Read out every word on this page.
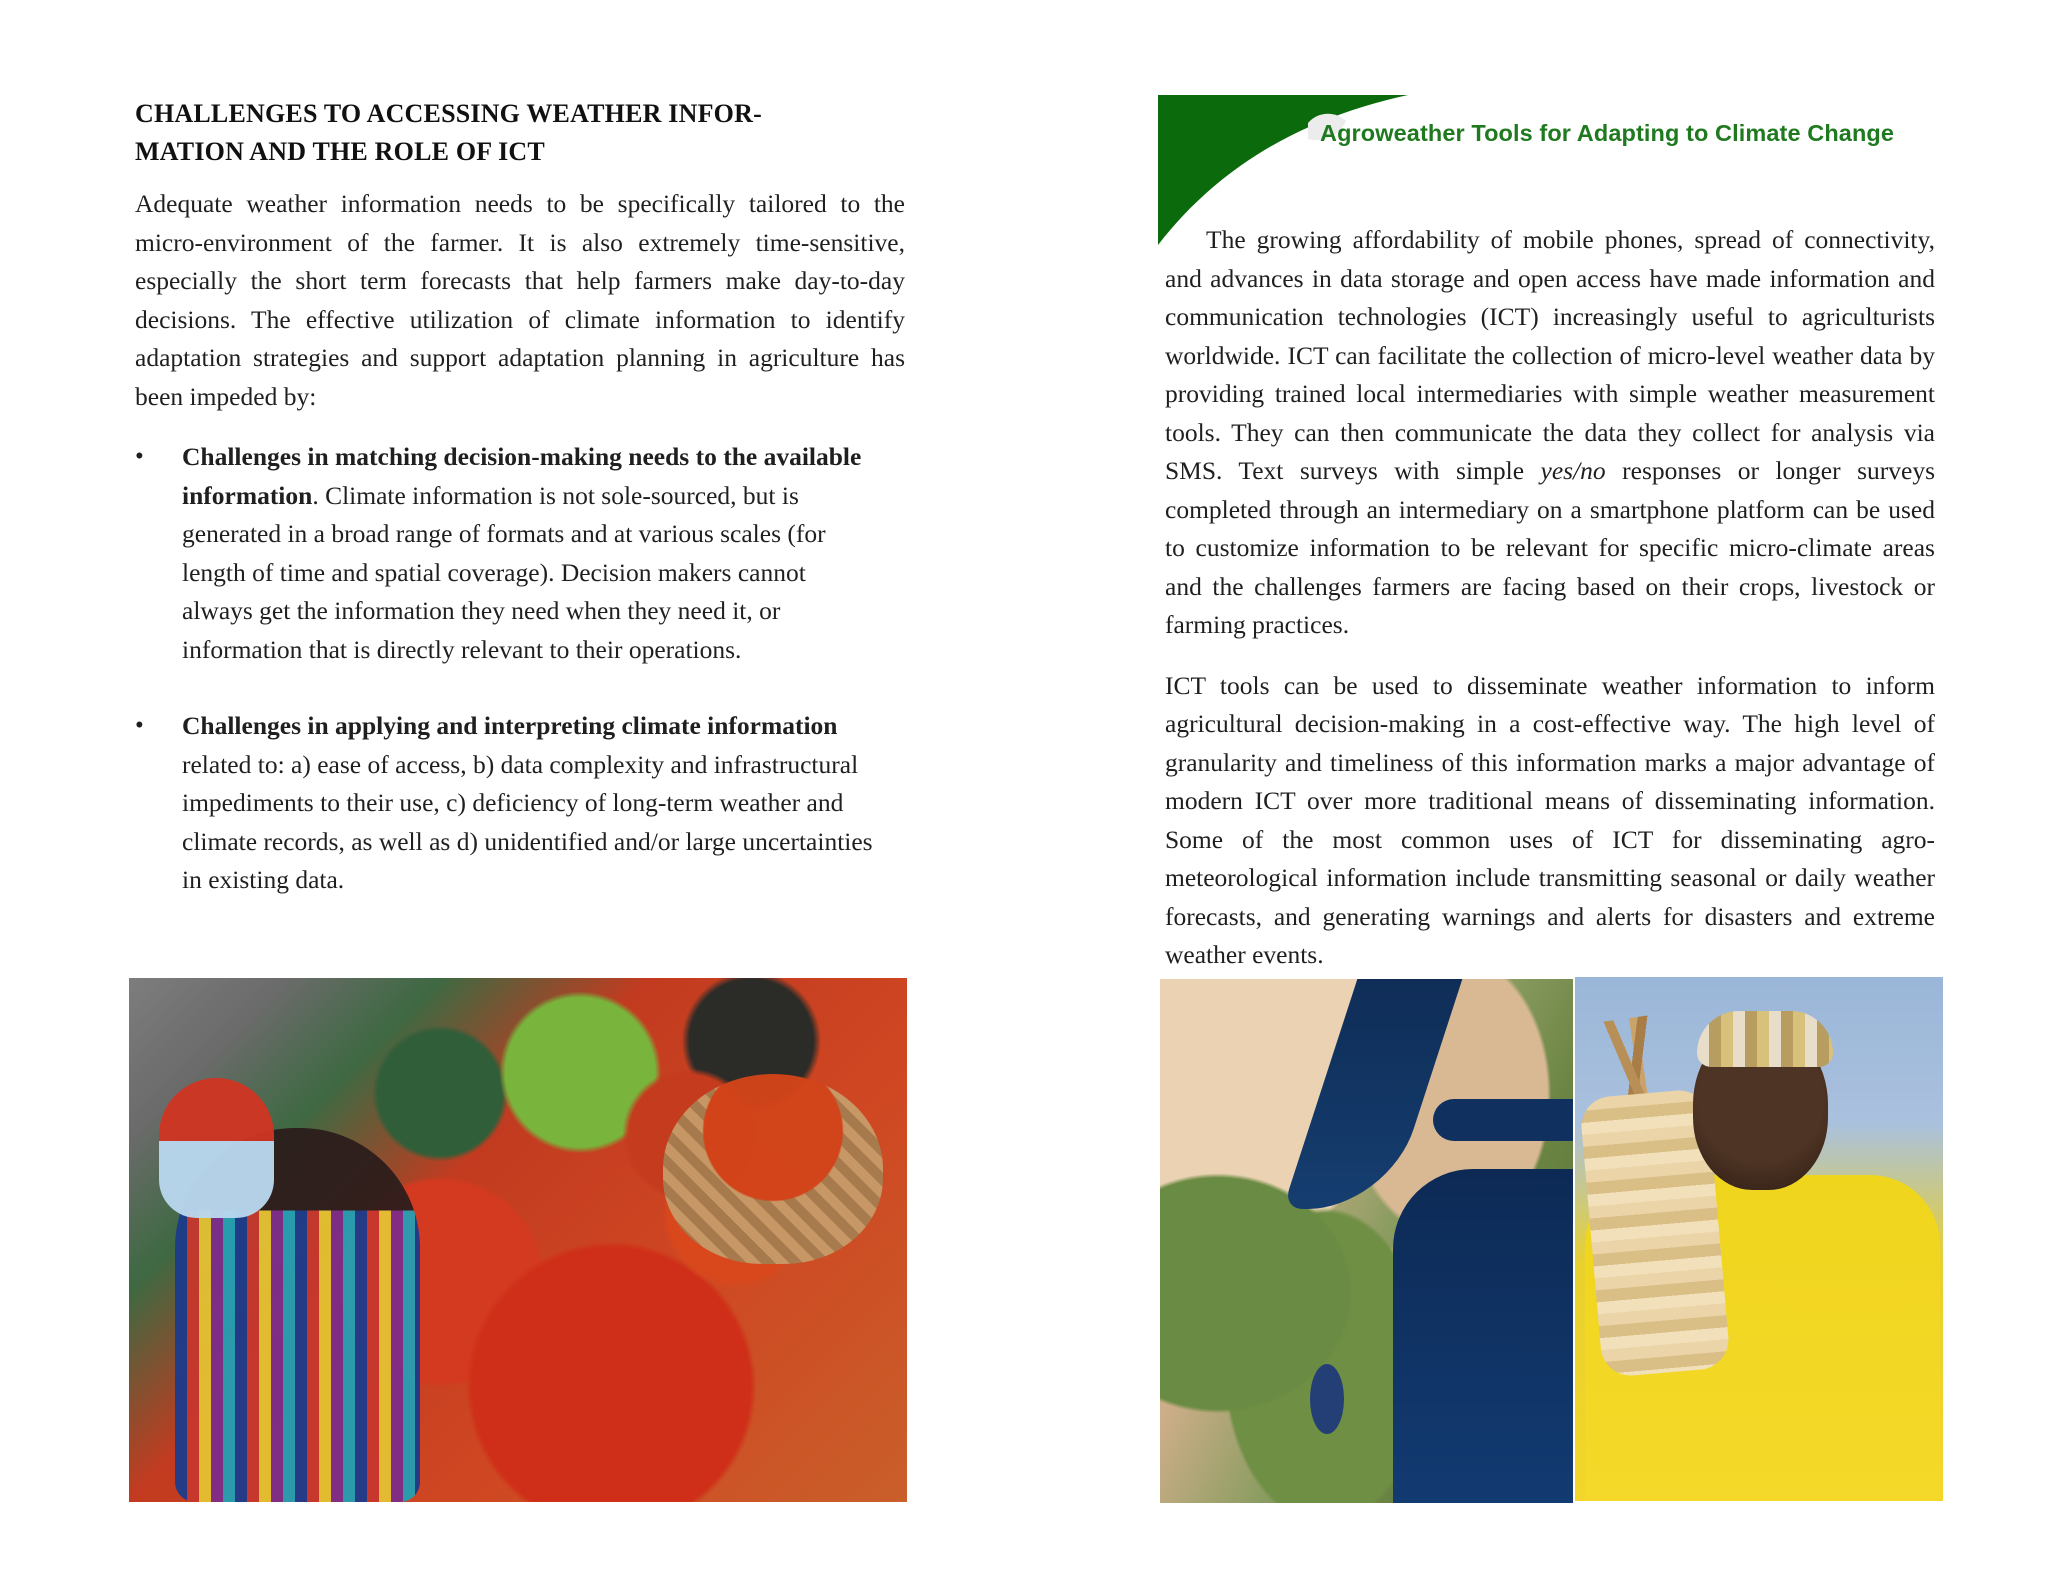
CHALLENGES TO ACCESSING WEATHER INFOR-
MATION AND THE ROLE OF ICT

Adequate weather information needs to be specifically tailored to the micro-environment of the farmer. It is also extremely time-sensitive, especially the short term forecasts that help farmers make day-to-day decisions. The effective utilization of climate information to identify adaptation strategies and support adaptation planning in agriculture has been impeded by:

•	Challenges in matching decision-making needs to the available information. Climate information is not sole-sourced, but is generated in a broad range of formats and at various scales (for length of time and spatial coverage). Decision makers cannot always get the information they need when they need it, or information that is directly relevant to their operations.
•	Challenges in applying and interpreting climate information related to: a) ease of access, b) data complexity and infrastructural impediments to their use, c) deficiency of long-term weather and climate records, as well as d) unidentified and/or large uncertainties in existing data.
Agroweather Tools for Adapting to Climate Change

The growing affordability of mobile phones, spread of connectivity, and advances in data storage and open access have made information and communication technologies (ICT) increasingly useful to agriculturists worldwide. ICT can facilitate the collection of micro-level weather data by providing trained local intermediaries with simple weather measurement tools. They can then communicate the data they collect for analysis via SMS. Text surveys with simple yes/no responses or longer surveys completed through an intermediary on a smartphone platform can be used to customize information to be relevant for specific micro-climate areas and the challenges farmers are facing based on their crops, livestock or farming practices.

ICT tools can be used to disseminate weather information to inform agricultural decision-making in a cost-effective way. The high level of granularity and timeliness of this information marks a major advantage of modern ICT over more traditional means of disseminating information. Some of the most common uses of ICT for disseminating agro-meteorological information include transmitting seasonal or daily weather forecasts, and generating warnings and alerts for disasters and extreme weather events.
